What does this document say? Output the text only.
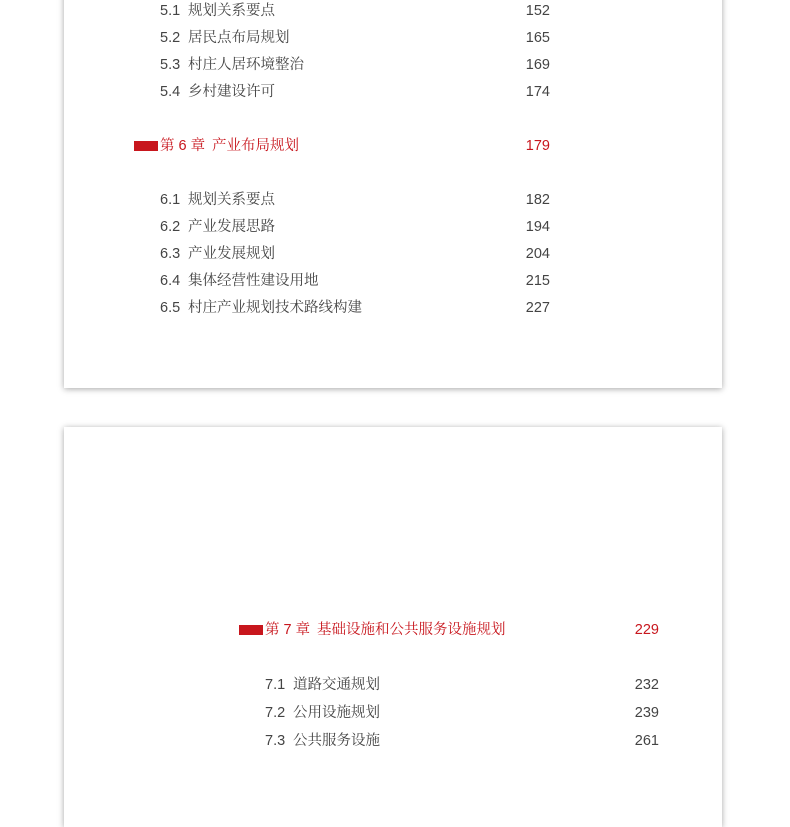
5.1 规划关系要点	152
5.2 居民点布局规划	165
5.3 村庄人居环境整治	169
5.4 乡村建设许可	174
第 6 章 产业布局规划	179
6.1 规划关系要点	182
6.2 产业发展思路	194
6.3 产业发展规划	204
6.4 集体经营性建设用地	215
6.5 村庄产业规划技术路线构建	227
第 7 章 基础设施和公共服务设施规划	229
7.1 道路交通规划	232
7.2 公用设施规划	239
7.3 公共服务设施	261
